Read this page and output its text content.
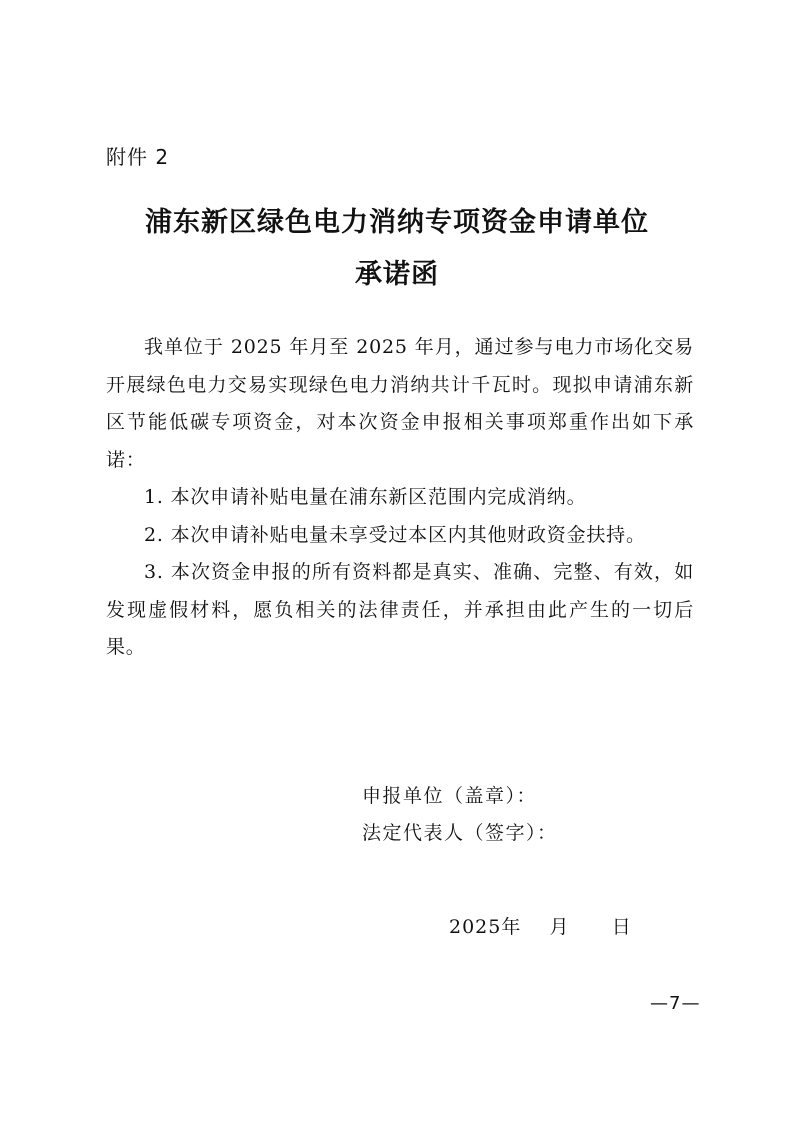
附件 2
浦东新区绿色电力消纳专项资金申请单位
承诺函

我单位于 2025 年月至 2025 年月，通过参与电力市场化交易开展绿色电力交易实现绿色电力消纳共计千瓦时。现拟申请浦东新区节能低碳专项资金，对本次资金申报相关事项郑重作出如下承诺：

1. 本次申请补贴电量在浦东新区范围内完成消纳。

2. 本次申请补贴电量未享受过本区内其他财政资金扶持。

3. 本次资金申报的所有资料都是真实、准确、完整、有效，如发现虚假材料，愿负相关的法律责任，并承担由此产生的一切后果。

申报单位（盖章）：
法定代表人（签字）：
2025年    月      日
—7—
